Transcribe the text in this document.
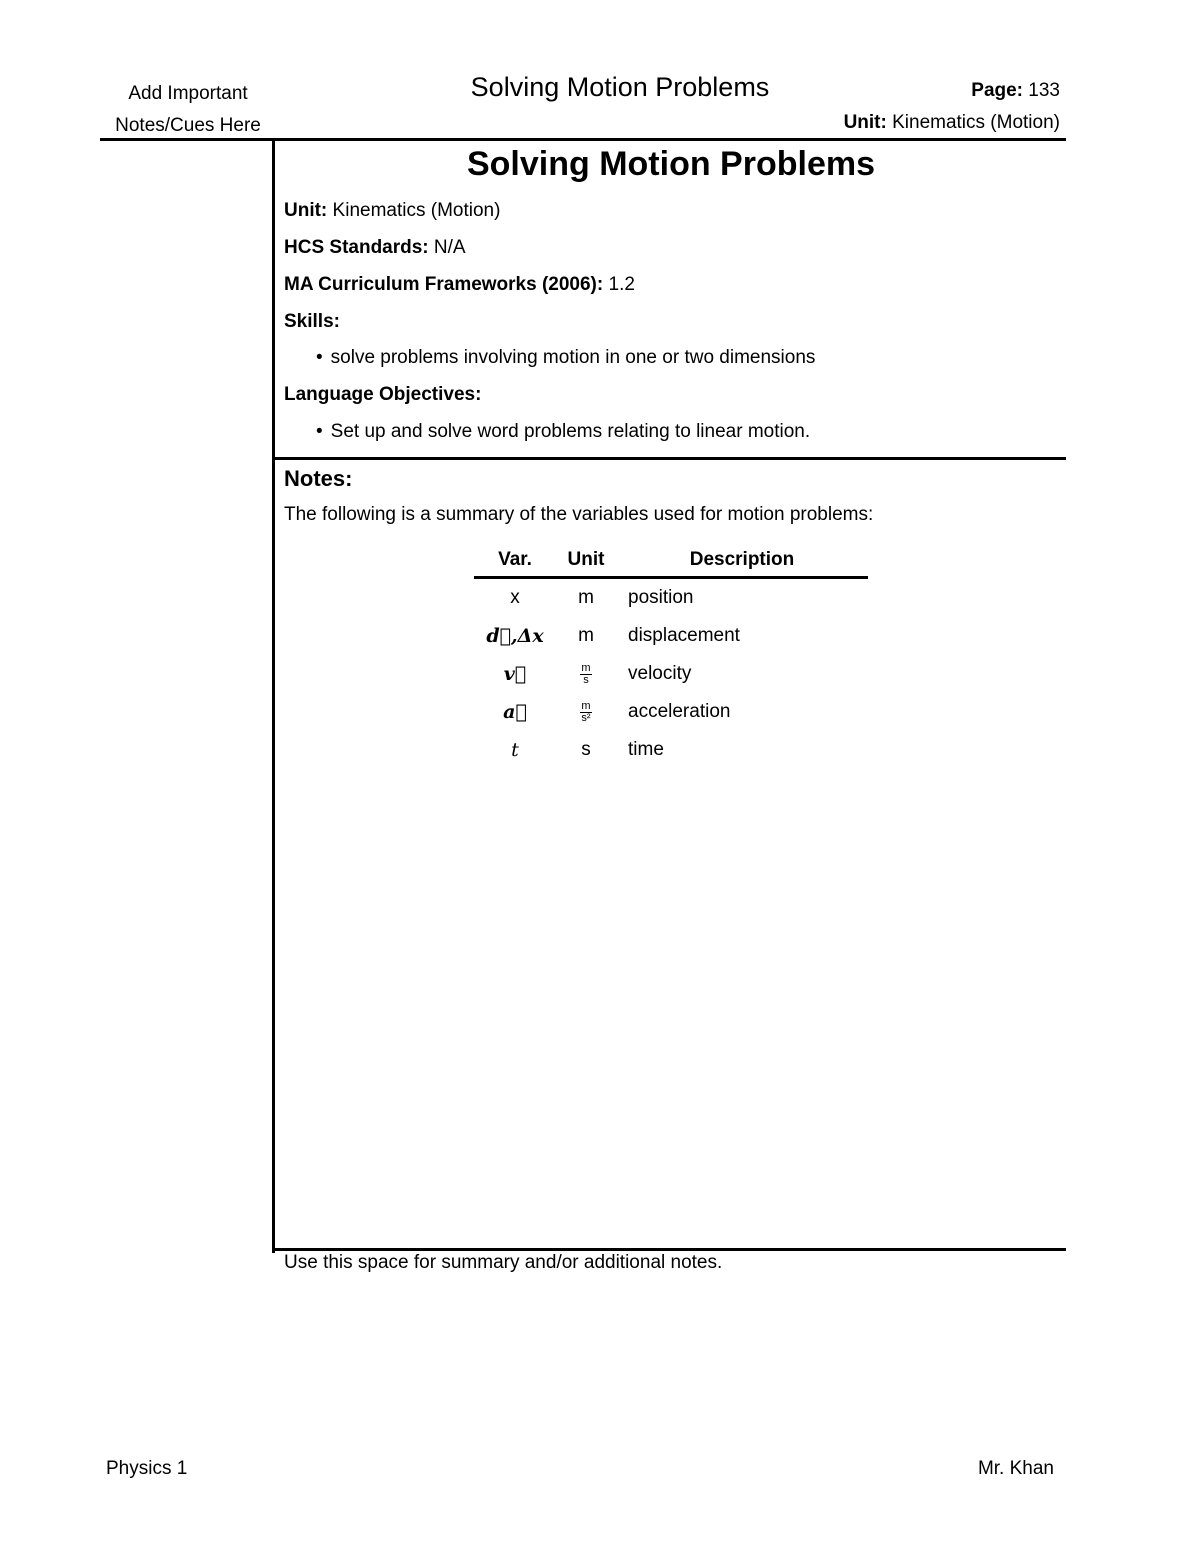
Add Important
Notes/Cues Here
Solving Motion Problems	Page: 133
Unit: Kinematics (Motion)
Solving Motion Problems
Unit: Kinematics (Motion)
HCS Standards: N/A
MA Curriculum Frameworks (2006): 1.2
Skills:
• solve problems involving motion in one or two dimensions
Language Objectives:
• Set up and solve word problems relating to linear motion.
Notes:
The following is a summary of the variables used for motion problems:
Var.	Unit	Description
x	m	position
d⃗,Δx	m	displacement
v⃗	$\frac{m}{s}$	velocity
a⃗	$\frac{m}{\text{s²}}$	acceleration
t	s	time
Use this space for summary and/or additional notes.
Physics 1	Mr. Khan
